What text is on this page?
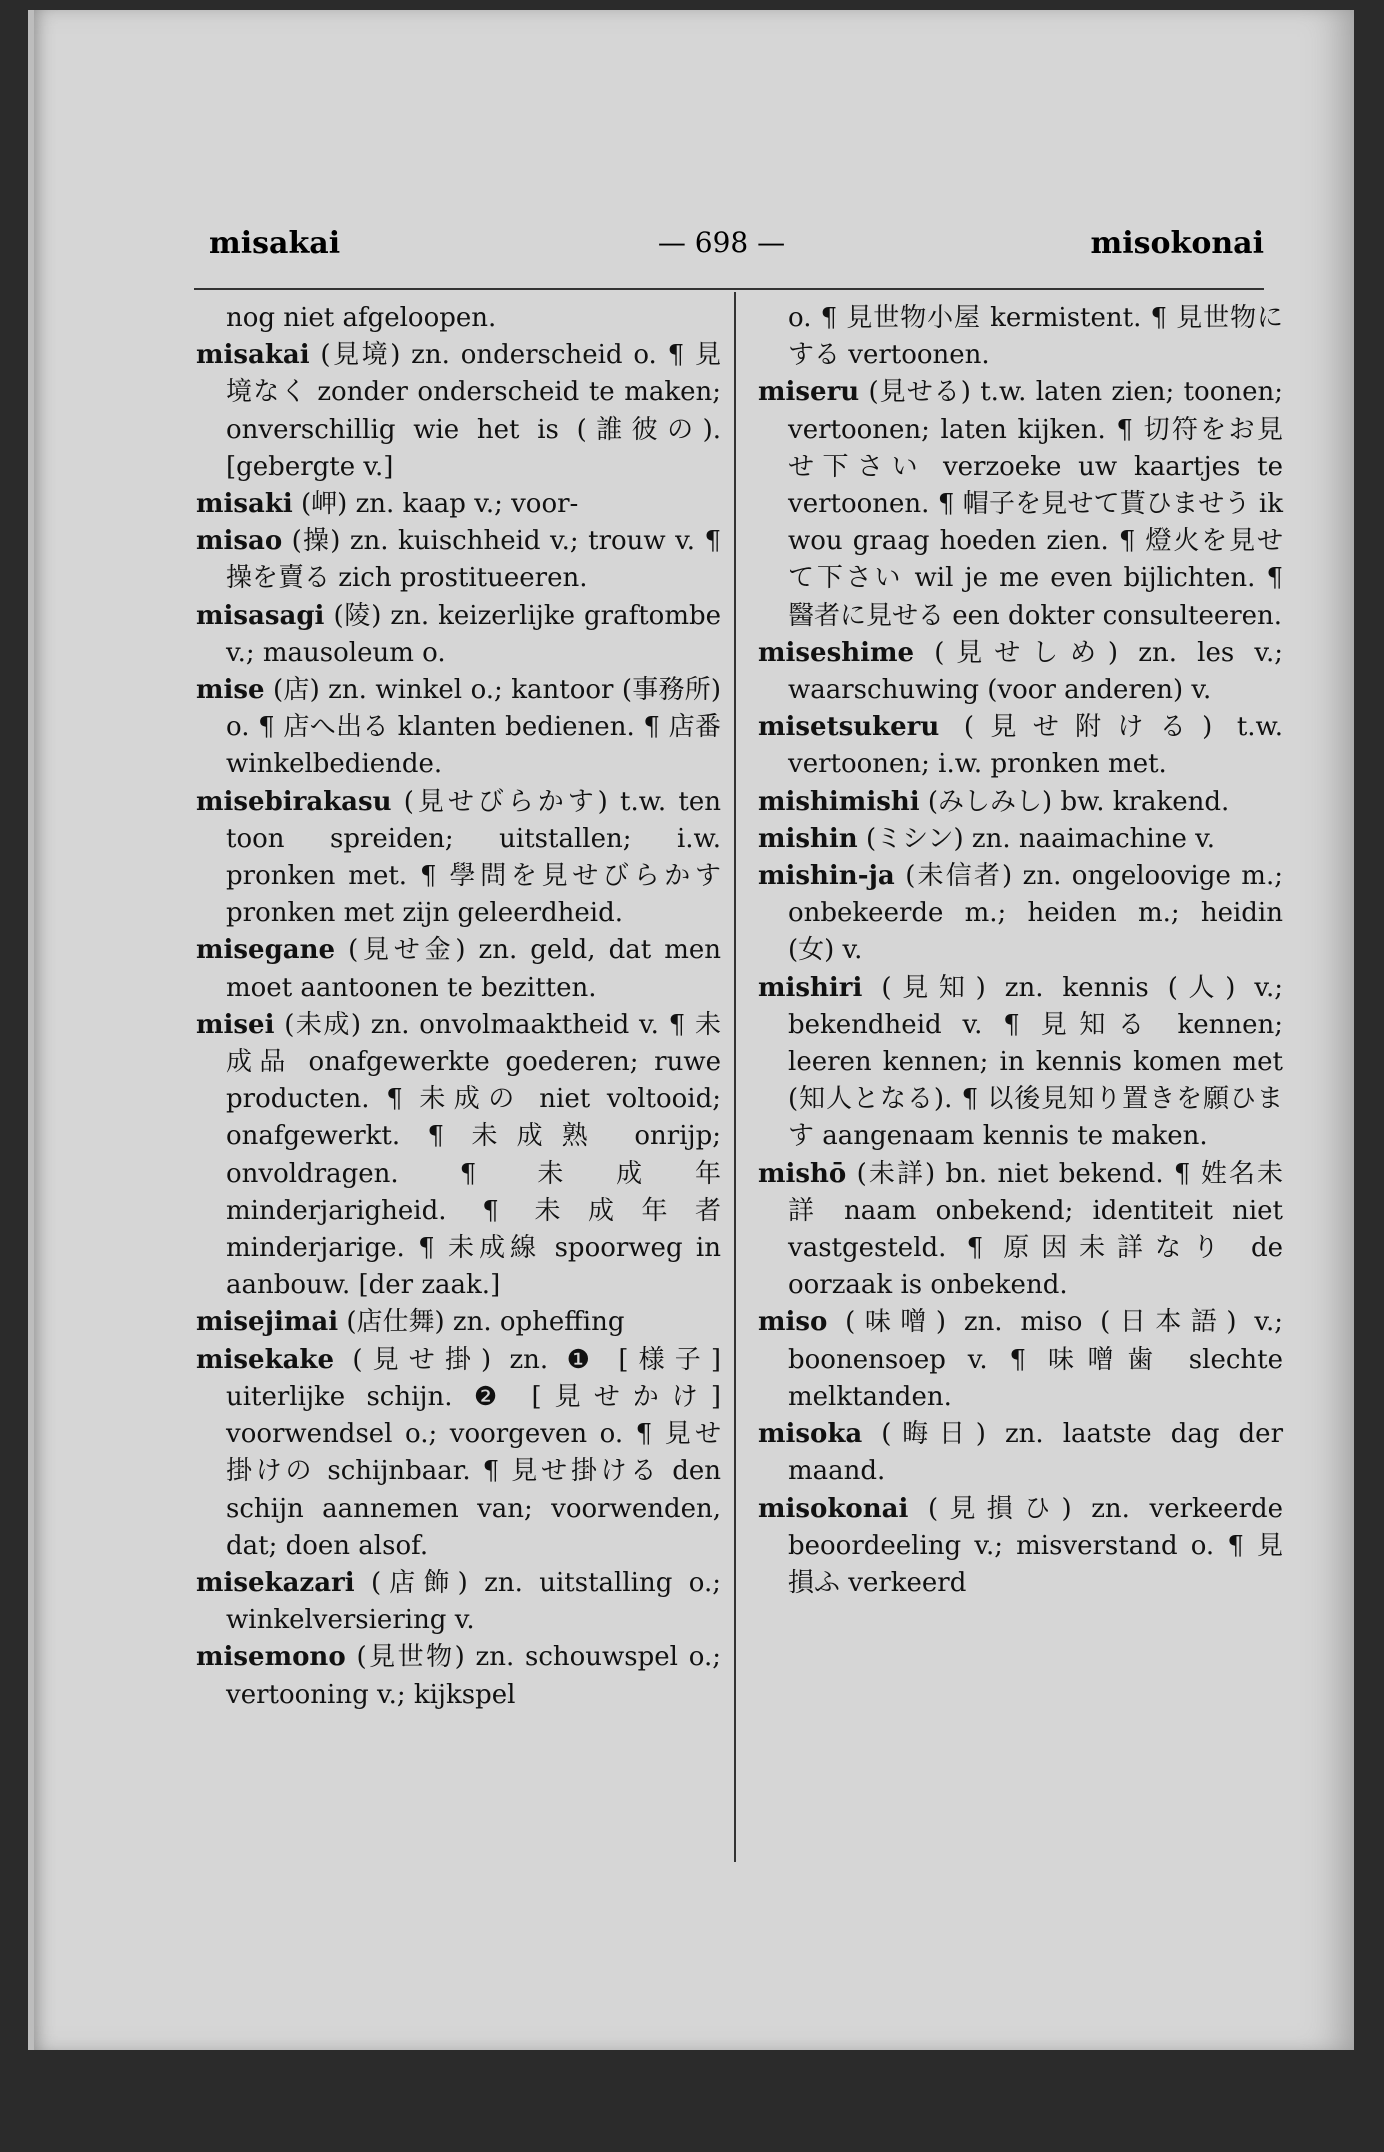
misakai	— 698 —	misokonai

nog niet afgeloopen.

misakai (見境) zn. onderscheid o. ¶ 見境なく zonder onderscheid te maken; onverschillig wie het is (誰彼の). [gebergte v.]

misaki (岬) zn. kaap v.; voor-

misao (操) zn. kuischheid v.; trouw v. ¶ 操を賣る zich prostitueeren.

misasagi (陵) zn. keizerlijke graftombe v.; mausoleum o.

mise (店) zn. winkel o.; kantoor (事務所) o. ¶ 店へ出る klanten bedienen. ¶ 店番 winkelbediende.

misebirakasu (見せびらかす) t.w. ten toon spreiden; uitstallen; i.w. pronken met. ¶ 學問を見せびらかす pronken met zijn geleerdheid.

misegane (見せ金) zn. geld, dat men moet aantoonen te bezitten.

misei (未成) zn. onvolmaaktheid v. ¶ 未成品 onafgewerkte goederen; ruwe producten. ¶ 未成の niet voltooid; onafgewerkt. ¶ 未成熟 onrijp; onvoldragen. ¶ 未成年 minderjarigheid. ¶ 未成年者 minderjarige. ¶ 未成線 spoorweg in aanbouw. [der zaak.]

misejimai (店仕舞) zn. opheffing

misekake (見せ掛) zn. ❶ [様子] uiterlijke schijn. ❷ [見せかけ] voorwendsel o.; voorgeven o. ¶ 見せ掛けの schijnbaar. ¶ 見せ掛ける den schijn aannemen van; voorwenden, dat; doen alsof.

misekazari (店飾) zn. uitstalling o.; winkelversiering v.

misemono (見世物) zn. schouwspel o.; vertooning v.; kijkspel

o. ¶ 見世物小屋 kermistent. ¶ 見世物にする vertoonen.

miseru (見せる) t.w. laten zien; toonen; vertoonen; laten kijken. ¶ 切符をお見せ下さい verzoeke uw kaartjes te vertoonen. ¶ 帽子を見せて貰ひませう ik wou graag hoeden zien. ¶ 燈火を見せて下さい wil je me even bijlichten. ¶ 醫者に見せる een dokter consulteeren.

miseshime (見せしめ) zn. les v.; waarschuwing (voor anderen) v.

misetsukeru (見せ附ける) t.w. vertoonen; i.w. pronken met.

mishimishi (みしみし) bw. krakend.

mishin (ミシン) zn. naaimachine v.

mishin-ja (未信者) zn. ongeloovige m.; onbekeerde m.; heiden m.; heidin (女) v.

mishiri (見知) zn. kennis (人) v.; bekendheid v. ¶ 見知る kennen; leeren kennen; in kennis komen met (知人となる). ¶ 以後見知り置きを願ひます aangenaam kennis te maken.

mishō (未詳) bn. niet bekend. ¶ 姓名未詳 naam onbekend; identiteit niet vastgesteld. ¶ 原因未詳なり de oorzaak is onbekend.

miso (味噌) zn. miso (日本語) v.; boonensoep v. ¶ 味噌歯 slechte melktanden.

misoka (晦日) zn. laatste dag der maand.

misokonai (見損ひ) zn. verkeerde beoordeeling v.; misverstand o. ¶ 見損ふ verkeerd
